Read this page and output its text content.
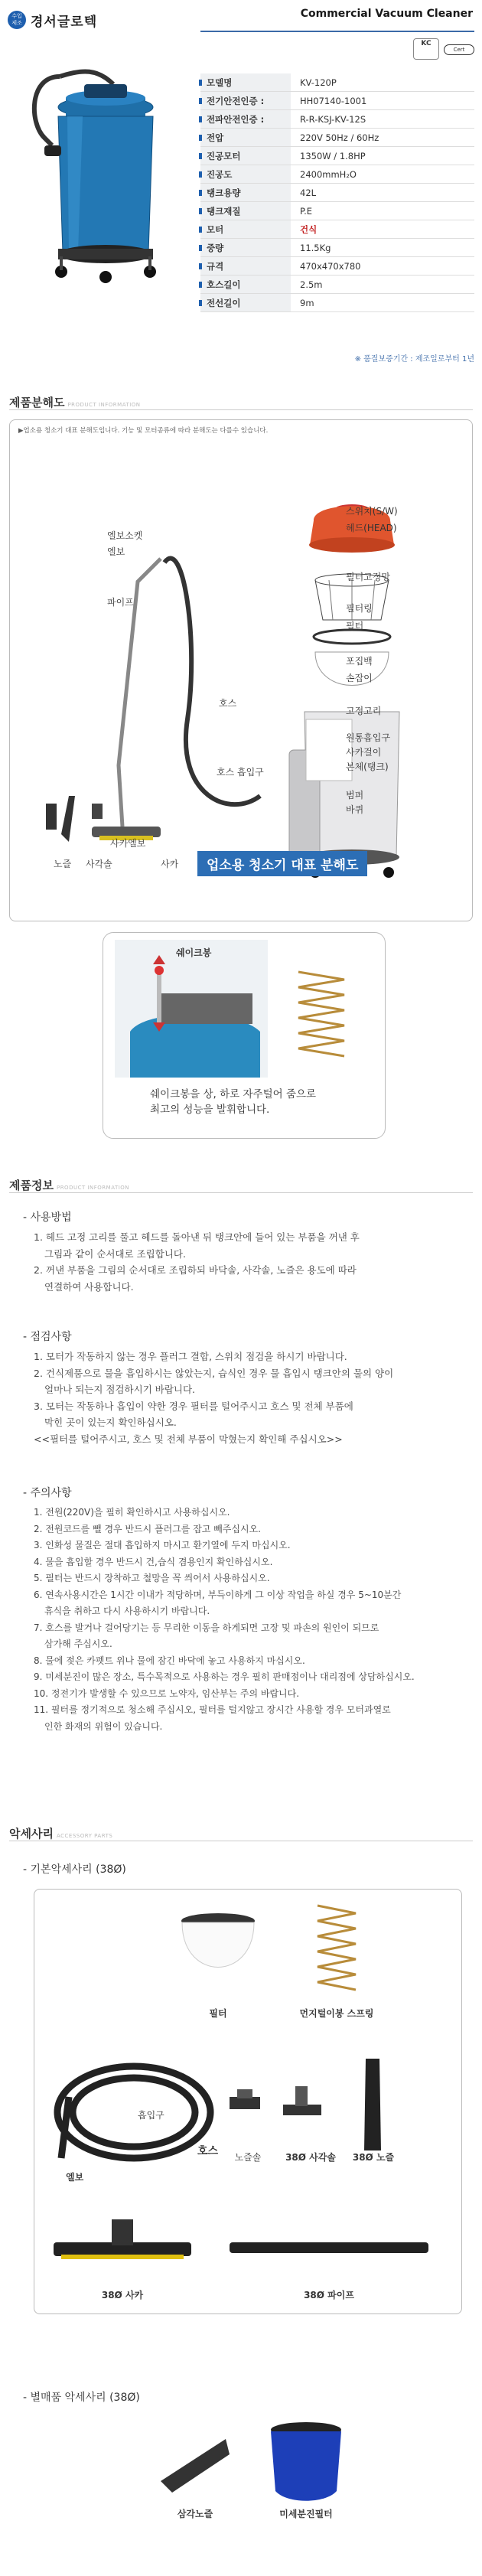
수입
제조 경서글로텍
Commercial Vacuum Cleaner
KC
Cert
모델명	KV-120P
전기안전인증 :	HH07140-1001
전파안전인증 :	R-R-KSJ-KV-12S
전압	220V 50Hz / 60Hz
진공모터	1350W / 1.8HP
진공도	2400mmH₂O
탱크용량	42L
탱크재질	P.E
모터	건식
중량	11.5Kg
규격	470x470x780
호스길이	2.5m
전선길이	9m
※ 품질보증기간 : 제조일로부터 1년
제품분해도 PRODUCT INFORMATION
▶업소용 청소기 대표 분해도입니다. 기능 및 모터종류에 따라 분해도는 다를수 있습니다.
스위치(S/W)
헤드(HEAD)
필터고정망
필터링
필터
포집백
손잡이
고정고리
원통흡입구
사카걸이
본체(탱크)
범퍼
바퀴
엘보소켓
엘보
파이프
호스
호스 흡입구
사카엘보
노즐 사각솔	사카	업소용 청소기 대표 분해도
쉐이크봉
쉐이크봉을 상, 하로 자주털어 줌으로
최고의 성능을 발휘합니다.
제품정보 PRODUCT INFORMATION
- 사용방법

1. 헤드 고정 고리를 풀고 헤드를 돌아낸 뒤 탱크안에 들어 있는 부품을 꺼낸 후

그림과 같이 순서대로 조립합니다.

2. 꺼낸 부품을 그림의 순서대로 조립하되 바닥솔, 사각솔, 노즐은 용도에 따라

연결하여 사용합니다.

- 점검사항

1. 모터가 작동하지 않는 경우 플러그 결합, 스위치 점검을 하시기 바랍니다.

2. 건식제품으로 물을 흡입하시는 않았는지, 습식인 경우 물 흡입시 탱크안의 물의 양이

얼마나 되는지 점검하시기 바랍니다.

3. 모터는 작동하나 흡입이 약한 경우 필터를 털어주시고 호스 및 전체 부품에

막힌 곳이 있는지 확인하십시오.

<<필터를 털어주시고, 호스 및 전체 부품이 막혔는지 확인해 주십시오>>

- 주의사항

1. 전원(220V)을 필히 확인하시고 사용하십시오.

2. 전원코드를 뺄 경우 반드시 플러그를 잡고 빼주십시오.

3. 인화성 물질은 절대 흡입하지 마시고 환기열에 두지 마십시오.

4. 물을 흡입할 경우 반드시 건,습식 겸용인지 확인하십시오.

5. 필터는 반드시 장착하고 철망을 꼭 씌어서 사용하십시오.

6. 연속사용시간은 1시간 이내가 적당하며, 부득이하게 그 이상 작업을 하실 경우 5~10분간

휴식을 취하고 다시 사용하시기 바랍니다.

7. 호스를 발거나 걸어당기는 등 무리한 이동을 하게되면 고장 및 파손의 원인이 되므로

삼가해 주십시오.

8. 물에 젖은 카펫트 위나 물에 잠긴 바닥에 놓고 사용하지 마십시오.

9. 미세분진이 많은 장소, 특수목적으로 사용하는 경우 필히 판매점이나 대리점에 상담하십시오.

10. 정전기가 발생할 수 있으므로 노약자, 임산부는 주의 바랍니다.

11. 필터를 정기적으로 청소해 주십시오, 필터를 털지않고 장시간 사용할 경우 모터과열로

인한 화재의 위험이 있습니다.

악세사리 ACCESSORY PARTS
- 기본악세사리 (38Ø)
필터	먼지털이봉 스프링
흡입구
호스
엘보
노즐솔	38Ø 사각솔	38Ø 노즐
38Ø 사카	38Ø 파이프
- 별매품 악세사리 (38Ø)
삼각노즐	미세분진필터
